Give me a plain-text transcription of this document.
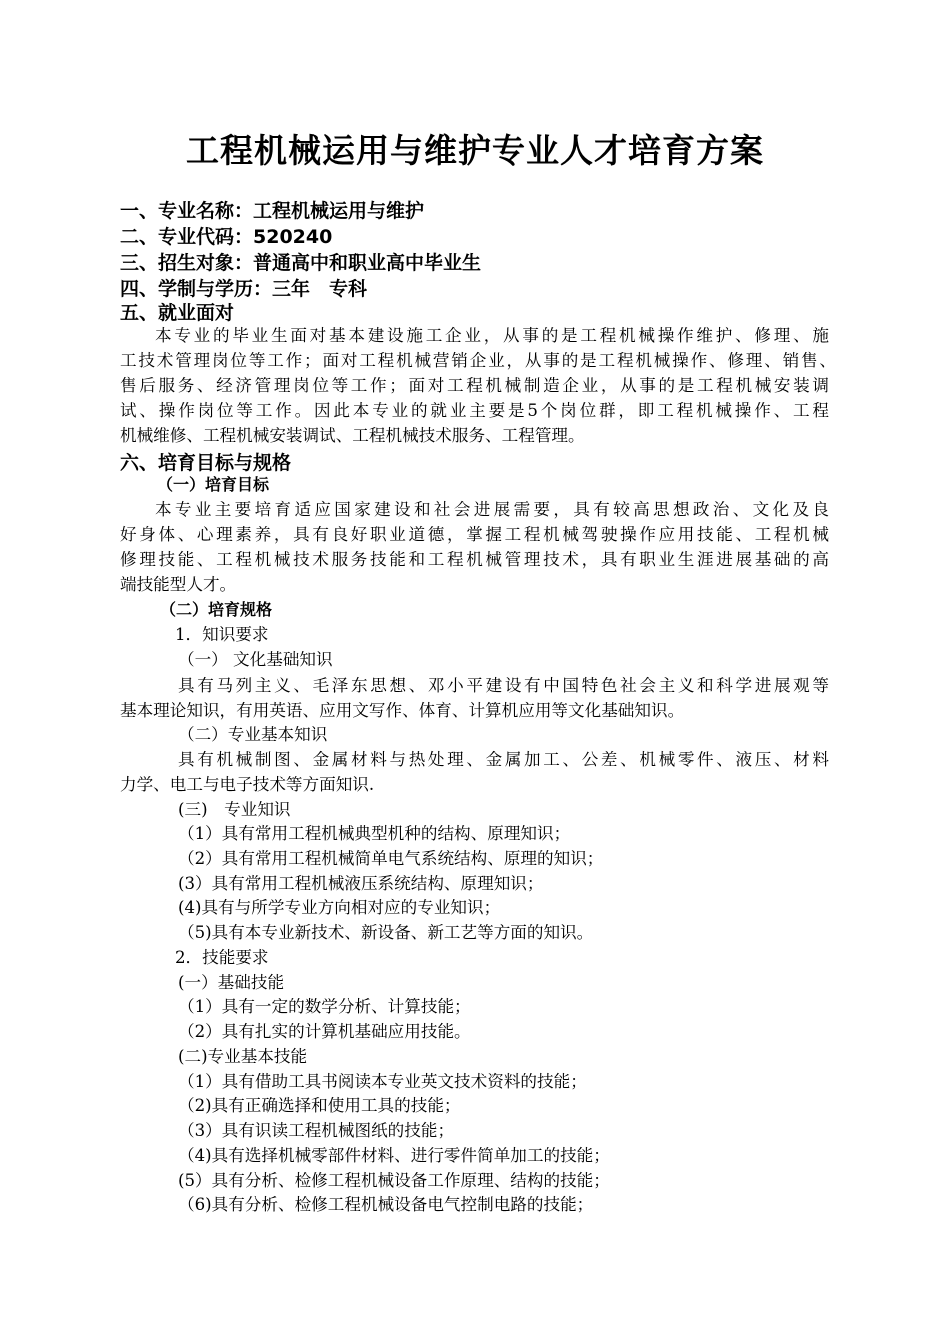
工程机械运用与维护专业人才培育方案
一、专业名称：工程机械运用与维护
二、专业代码：520240
三、招生对象：普通高中和职业高中毕业生
四、学制与学历：三年　专科
五、就业面对
本专业的毕业生面对基本建设施工企业，从事的是工程机械操作维护、修理、施
工技术管理岗位等工作；面对工程机械营销企业，从事的是工程机械操作、修理、销售、
售后服务、经济管理岗位等工作；面对工程机械制造企业，从事的是工程机械安装调
试、操作岗位等工作。因此本专业的就业主要是5个岗位群，即工程机械操作、工程
机械维修、工程机械安装调试、工程机械技术服务、工程管理。
六、培育目标与规格
（一）培育目标
本专业主要培育适应国家建设和社会进展需要，具有较高思想政治、文化及良
好身体、心理素养，具有良好职业道德，掌握工程机械驾驶操作应用技能、工程机械
修理技能、工程机械技术服务技能和工程机械管理技术，具有职业生涯进展基础的高
端技能型人才。
（二）培育规格
1．知识要求
（一） 文化基础知识
具有马列主义、毛泽东思想、邓小平建设有中国特色社会主义和科学进展观等
基本理论知识，有用英语、应用文写作、体育、计算机应用等文化基础知识。
（二）专业基本知识
具有机械制图、金属材料与热处理、金属加工、公差、机械零件、液压、材料
力学、电工与电子技术等方面知识.
(三)　专业知识
（1）具有常用工程机械典型机种的结构、原理知识；
（2）具有常用工程机械简单电气系统结构、原理的知识；
(3）具有常用工程机械液压系统结构、原理知识；
(4)具有与所学专业方向相对应的专业知识；
（5)具有本专业新技术、新设备、新工艺等方面的知识。
2．技能要求
(一）基础技能
（1）具有一定的数学分析、计算技能；
（2）具有扎实的计算机基础应用技能。
(二)专业基本技能
（1）具有借助工具书阅读本专业英文技术资料的技能；
（2)具有正确选择和使用工具的技能；
（3）具有识读工程机械图纸的技能；
（4)具有选择机械零部件材料、进行零件简单加工的技能；
(5）具有分析、检修工程机械设备工作原理、结构的技能；
（6)具有分析、检修工程机械设备电气控制电路的技能；
